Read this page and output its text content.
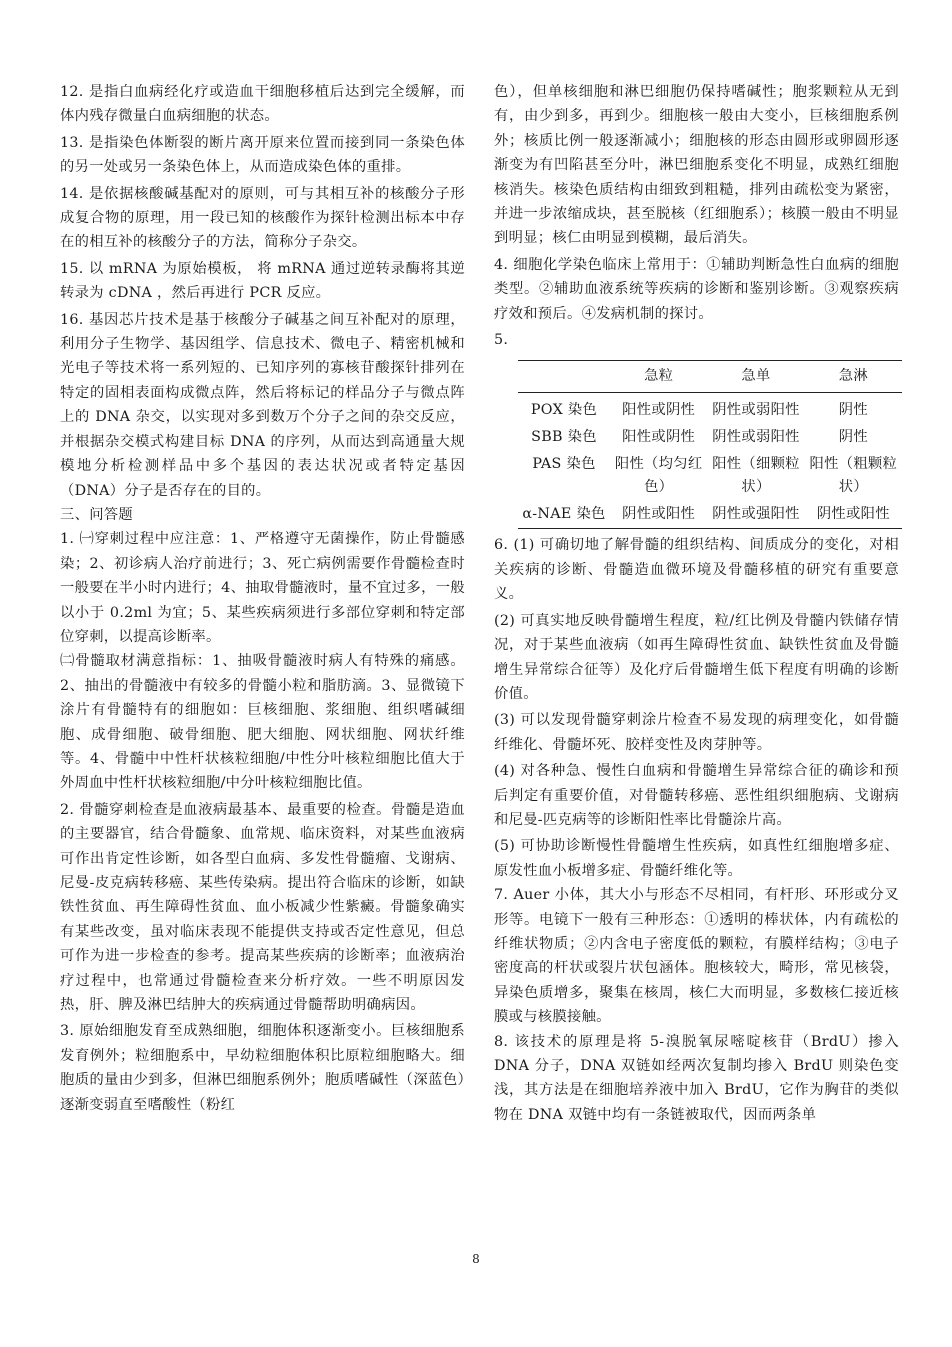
12. 是指白血病经化疗或造血干细胞移植后达到完全缓解，而体内残存微量白血病细胞的状态。

13. 是指染色体断裂的断片离开原来位置而接到同一条染色体的另一处或另一条染色体上，从而造成染色体的重排。

14. 是依据核酸碱基配对的原则，可与其相互补的核酸分子形成复合物的原理，用一段已知的核酸作为探针检测出标本中存在的相互补的核酸分子的方法，简称分子杂交。

15. 以 mRNA 为原始模板， 将 mRNA 通过逆转录酶将其逆转录为 cDNA ，然后再进行 PCR 反应。

16. 基因芯片技术是基于核酸分子碱基之间互补配对的原理，利用分子生物学、基因组学、信息技术、微电子、精密机械和光电子等技术将一系列短的、已知序列的寡核苷酸探针排列在特定的固相表面构成微点阵，然后将标记的样品分子与微点阵上的 DNA 杂交，以实现对多到数万个分子之间的杂交反应，并根据杂交模式构建目标 DNA 的序列，从而达到高通量大规模地分析检测样品中多个基因的表达状况或者特定基因（DNA）分子是否存在的目的。

三、问答题

1. ㈠穿刺过程中应注意：1、严格遵守无菌操作，防止骨髓感染；2、初诊病人治疗前进行；3、死亡病例需要作骨髓检查时一般要在半小时内进行；4、抽取骨髓液时，量不宜过多，一般以小于 0.2ml 为宜；5、某些疾病须进行多部位穿刺和特定部位穿刺，以提高诊断率。

㈡骨髓取材满意指标：1、抽吸骨髓液时病人有特殊的痛感。2、抽出的骨髓液中有较多的骨髓小粒和脂肪滴。3、显微镜下涂片有骨髓特有的细胞如：巨核细胞、浆细胞、组织嗜碱细胞、成骨细胞、破骨细胞、肥大细胞、网状细胞、网状纤维等。4、骨髓中中性杆状核粒细胞/中性分叶核粒细胞比值大于外周血中性杆状核粒细胞/中分叶核粒细胞比值。

2. 骨髓穿刺检查是血液病最基本、最重要的检查。骨髓是造血的主要器官，结合骨髓象、血常规、临床资料，对某些血液病可作出肯定性诊断，如各型白血病、多发性骨髓瘤、戈谢病、尼曼-皮克病转移癌、某些传染病。提出符合临床的诊断，如缺铁性贫血、再生障碍性贫血、血小板减少性紫癜。骨髓象确实有某些改变，虽对临床表现不能提供支持或否定性意见，但总可作为进一步检查的参考。提高某些疾病的诊断率；血液病治疗过程中，也常通过骨髓检查来分析疗效。一些不明原因发热，肝、脾及淋巴结肿大的疾病通过骨髓帮助明确病因。

3. 原始细胞发育至成熟细胞，细胞体积逐渐变小。巨核细胞系发育例外；粒细胞系中，早幼粒细胞体积比原粒细胞略大。细胞质的量由少到多，但淋巴细胞系例外；胞质嗜碱性（深蓝色）逐渐变弱直至嗜酸性（粉红

色），但单核细胞和淋巴细胞仍保持嗜碱性；胞浆颗粒从无到有，由少到多，再到少。细胞核一般由大变小，巨核细胞系例外；核质比例一般逐渐减小；细胞核的形态由圆形或卵圆形逐渐变为有凹陷甚至分叶，淋巴细胞系变化不明显，成熟红细胞核消失。核染色质结构由细致到粗糙，排列由疏松变为紧密，并进一步浓缩成块，甚至脱核（红细胞系）；核膜一般由不明显到明显；核仁由明显到模糊，最后消失。

4. 细胞化学染色临床上常用于：①辅助判断急性白血病的细胞类型。②辅助血液系统等疾病的诊断和鉴别诊断。③观察疾病疗效和预后。④发病机制的探讨。

5.

	急粒	急单	急淋
POX 染色	阳性或阴性	阴性或弱阳性	阴性
SBB 染色	阳性或阴性	阴性或弱阳性	阴性
PAS 染色	阳性（均匀红色）	阳性（细颗粒状）	阳性（粗颗粒状）
α-NAE 染色	阴性或阳性	阴性或强阳性	阴性或阳性

6. (1) 可确切地了解骨髓的组织结构、间质成分的变化，对相关疾病的诊断、骨髓造血微环境及骨髓移植的研究有重要意义。

(2) 可真实地反映骨髓增生程度，粒/红比例及骨髓内铁储存情况，对于某些血液病（如再生障碍性贫血、缺铁性贫血及骨髓增生异常综合征等）及化疗后骨髓增生低下程度有明确的诊断价值。

(3) 可以发现骨髓穿刺涂片检查不易发现的病理变化，如骨髓纤维化、骨髓坏死、胶样变性及肉芽肿等。

(4) 对各种急、慢性白血病和骨髓增生异常综合征的确诊和预后判定有重要价值，对骨髓转移癌、恶性组织细胞病、戈谢病和尼曼-匹克病等的诊断阳性率比骨髓涂片高。

(5) 可协助诊断慢性骨髓增生性疾病，如真性红细胞增多症、原发性血小板增多症、骨髓纤维化等。

7. Auer 小体，其大小与形态不尽相同，有杆形、环形或分叉形等。电镜下一般有三种形态：①透明的棒状体，内有疏松的纤维状物质；②内含电子密度低的颗粒，有膜样结构；③电子密度高的杆状或裂片状包涵体。胞核较大，畸形，常见核袋，异染色质增多，聚集在核周，核仁大而明显，多数核仁接近核膜或与核膜接触。

8. 该技术的原理是将 5-溴脱氧尿嘧啶核苷（BrdU）掺入 DNA 分子，DNA 双链如经两次复制均掺入 BrdU 则染色变浅，其方法是在细胞培养液中加入 BrdU，它作为胸苷的类似物在 DNA 双链中均有一条链被取代，因而两条单

8
